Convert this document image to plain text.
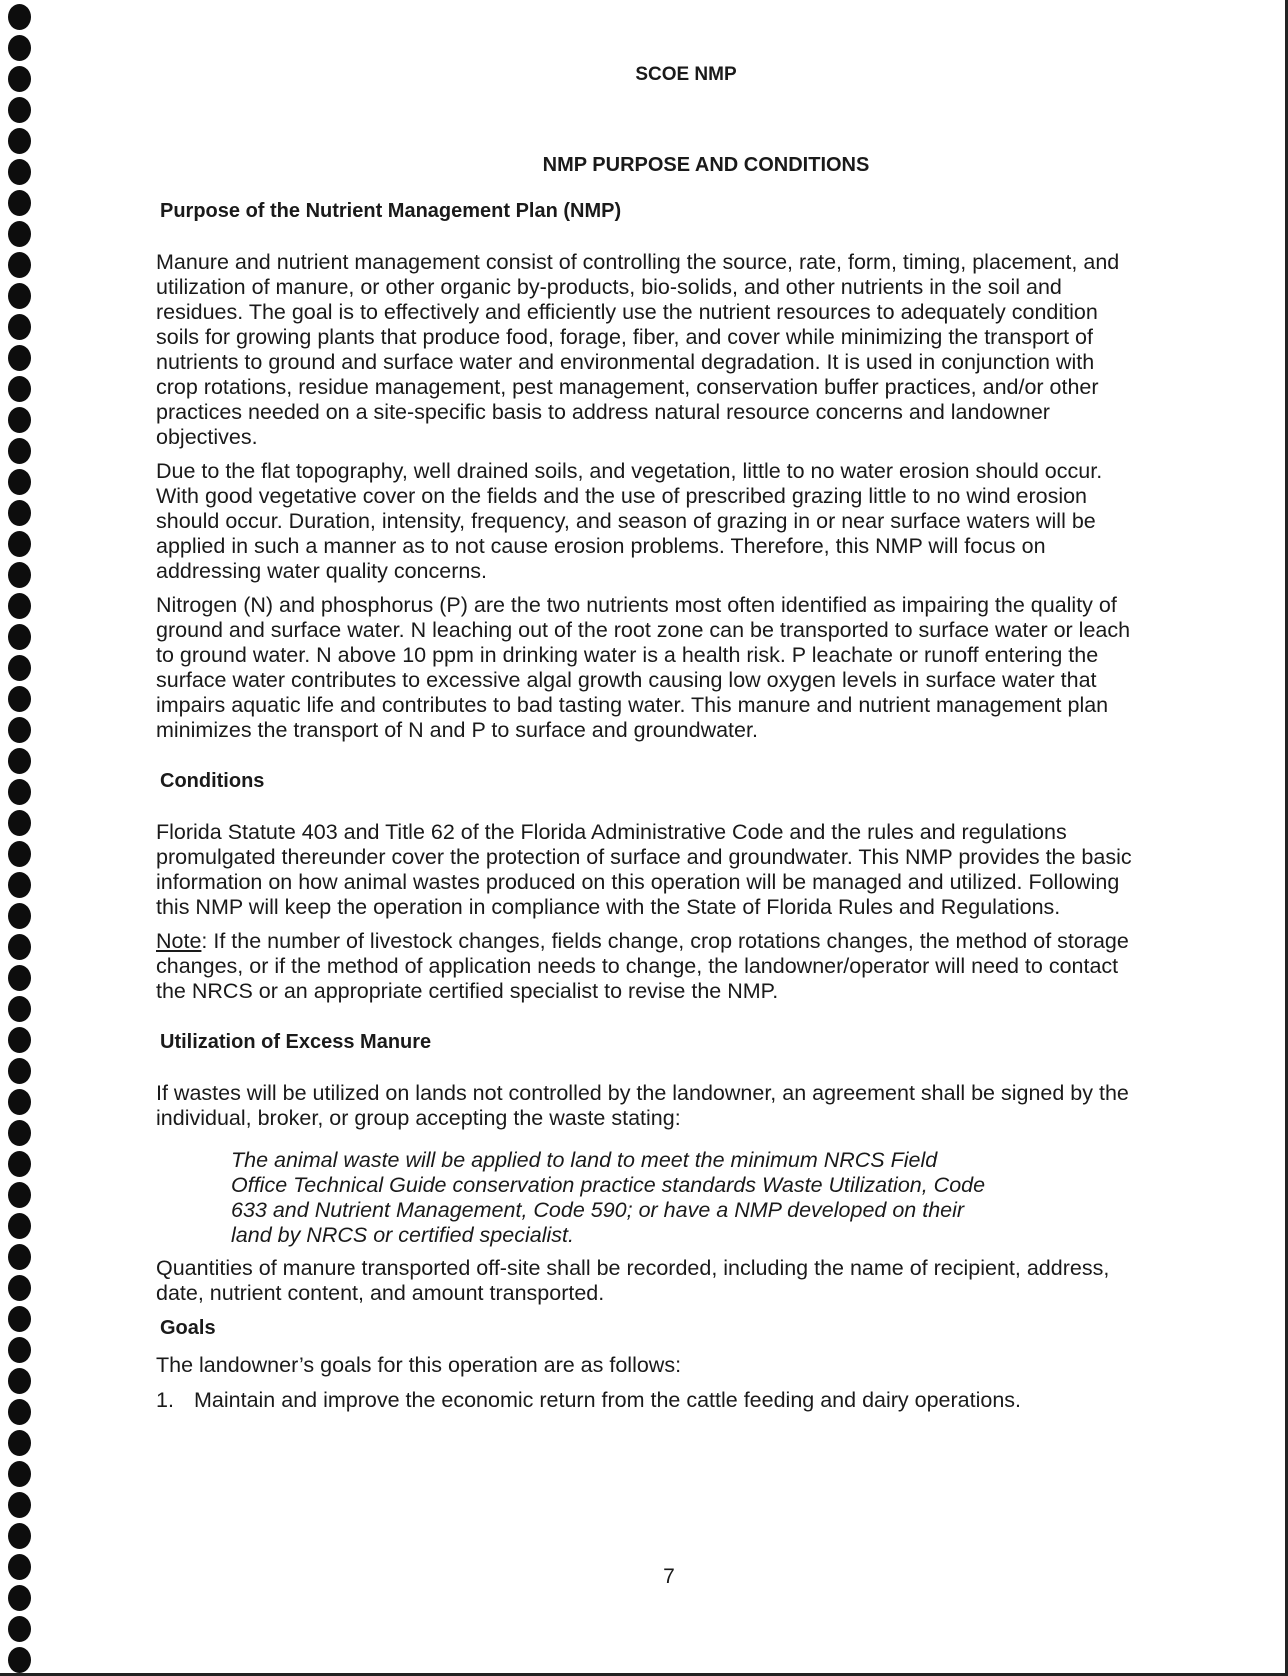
SCOE NMP
NMP PURPOSE AND CONDITIONS
Purpose of the Nutrient Management Plan (NMP)

Manure and nutrient management consist of controlling the source, rate, form, timing, placement, and utilization of manure, or other organic by-products, bio-solids, and other nutrients in the soil and residues. The goal is to effectively and efficiently use the nutrient resources to adequately condition soils for growing plants that produce food, forage, fiber, and cover while minimizing the transport of nutrients to ground and surface water and environmental degradation. It is used in conjunction with crop rotations, residue management, pest management, conservation buffer practices, and/or other practices needed on a site-specific basis to address natural resource concerns and landowner objectives.

Due to the flat topography, well drained soils, and vegetation, little to no water erosion should occur. With good vegetative cover on the fields and the use of prescribed grazing little to no wind erosion should occur. Duration, intensity, frequency, and season of grazing in or near surface waters will be applied in such a manner as to not cause erosion problems. Therefore, this NMP will focus on addressing water quality concerns.

Nitrogen (N) and phosphorus (P) are the two nutrients most often identified as impairing the quality of ground and surface water. N leaching out of the root zone can be transported to surface water or leach to ground water. N above 10 ppm in drinking water is a health risk. P leachate or runoff entering the surface water contributes to excessive algal growth causing low oxygen levels in surface water that impairs aquatic life and contributes to bad tasting water. This manure and nutrient management plan minimizes the transport of N and P to surface and groundwater.

Conditions

Florida Statute 403 and Title 62 of the Florida Administrative Code and the rules and regulations promulgated thereunder cover the protection of surface and groundwater. This NMP provides the basic information on how animal wastes produced on this operation will be managed and utilized. Following this NMP will keep the operation in compliance with the State of Florida Rules and Regulations.

Note: If the number of livestock changes, fields change, crop rotations changes, the method of storage changes, or if the method of application needs to change, the landowner/operator will need to contact the NRCS or an appropriate certified specialist to revise the NMP.

Utilization of Excess Manure

If wastes will be utilized on lands not controlled by the landowner, an agreement shall be signed by the individual, broker, or group accepting the waste stating:

The animal waste will be applied to land to meet the minimum NRCS Field Office Technical Guide conservation practice standards Waste Utilization, Code 633 and Nutrient Management, Code 590; or have a NMP developed on their land by NRCS or certified specialist.

Quantities of manure transported off-site shall be recorded, including the name of recipient, address, date, nutrient content, and amount transported.

Goals

The landowner’s goals for this operation are as follows:

1. Maintain and improve the economic return from the cattle feeding and dairy operations.
7
